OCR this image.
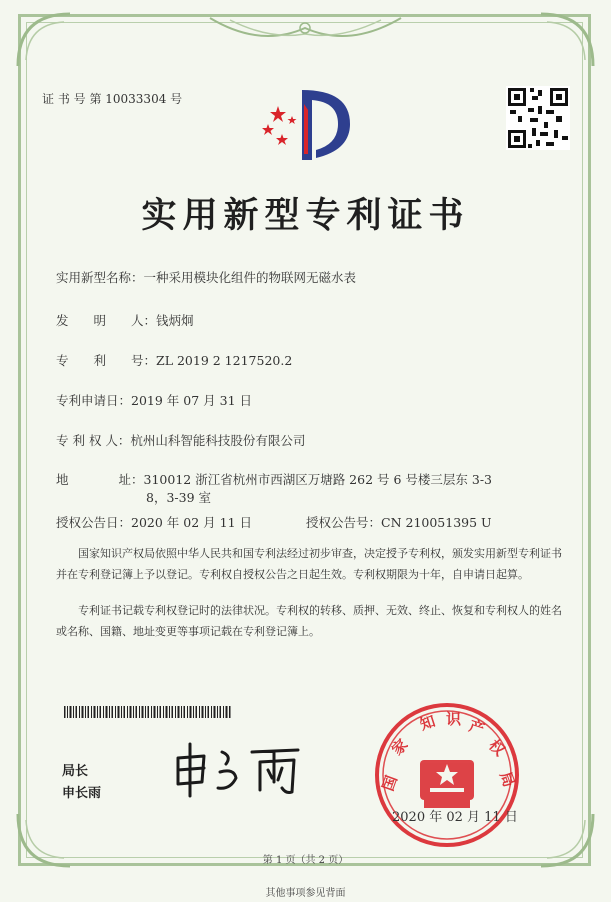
证 书 号 第 10033304 号
实用新型专利证书
实用新型名称：一种采用模块化组件的物联网无磁水表
发　　明　　人：钱炳炯
专　　利　　号：ZL 2019 2 1217520.2
专利申请日：2019 年 07 月 31 日
专 利 权 人：杭州山科智能科技股份有限公司
地　　　　址：310012 浙江省杭州市西湖区万塘路 262 号 6 号楼三层东 3-3
8，3-39 室
授权公告日：2020 年 02 月 11 日	授权公告号：CN 210051395 U
国家知识产权局依照中华人民共和国专利法经过初步审查，决定授予专利权，颁发实用新型专利证书并在专利登记簿上予以登记。专利权自授权公告之日起生效。专利权期限为十年，自申请日起算。
专利证书记载专利权登记时的法律状况。专利权的转移、质押、无效、终止、恢复和专利权人的姓名或名称、国籍、地址变更等事项记载在专利登记簿上。
局长
申长雨
国
家
知 识 产
权
局
2020 年 02 月 11 日
第 1 页（共 2 页）
其他事项参见背面
